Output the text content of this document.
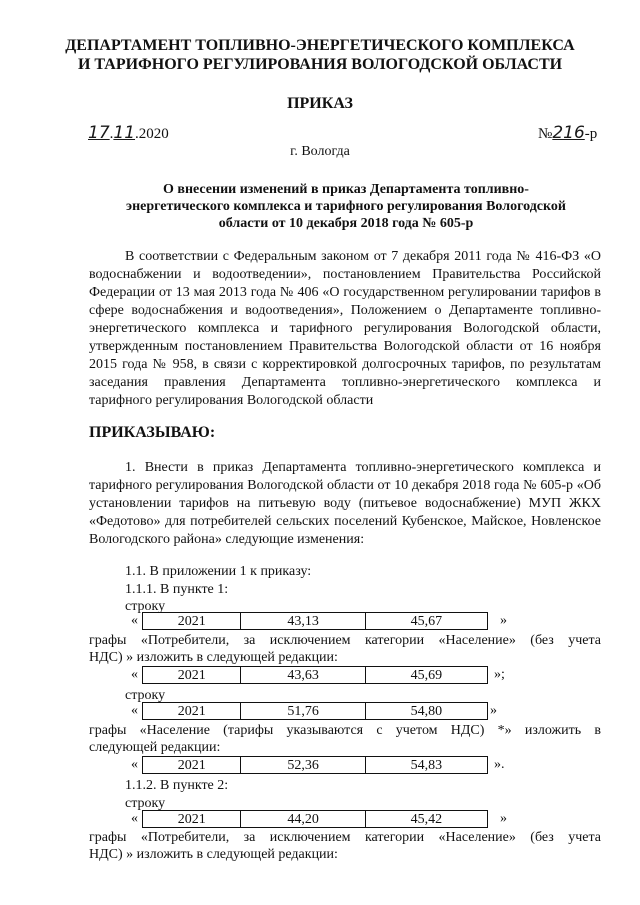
ДЕПАРТАМЕНТ ТОПЛИВНО-ЭНЕРГЕТИЧЕСКОГО КОМПЛЕКСА
И ТАРИФНОГО РЕГУЛИРОВАНИЯ ВОЛОГОДСКОЙ ОБЛАСТИ
ПРИКАЗ
17.11.2020	№216-р
г. Вологда
О внесении изменений в приказ Департамента топливно-
энергетического комплекса и тарифного регулирования Вологодской
области от 10 декабря 2018 года № 605-р
В соответствии с Федеральным законом от 7 декабря 2011 года № 416-ФЗ «О водоснабжении и водоотведении», постановлением Правительства Российской Федерации от 13 мая 2013 года № 406 «О государственном регулировании тарифов в сфере водоснабжения и водоотведения», Положением о Департаменте топливно-энергетического комплекса и тарифного регулирования Вологодской области, утвержденным постановлением Правительства Вологодской области от 16 ноября 2015 года № 958, в связи с корректировкой долгосрочных тарифов, по результатам заседания правления Департамента топливно-энергетического комплекса и тарифного регулирования Вологодской области
ПРИКАЗЫВАЮ:
1. Внести в приказ Департамента топливно-энергетического комплекса и тарифного регулирования Вологодской области от 10 декабря 2018 года № 605-р «Об установлении тарифов на питьевую воду (питьевое водоснабжение) МУП ЖКХ «Федотово» для потребителей сельских поселений Кубенское, Майское, Новленское Вологодского района» следующие изменения:
1.1. В приложении 1 к приказу:
1.1.1. В пункте 1:
строку
«	2021	43,13	45,67	»
графы «Потребители, за исключением категории «Население» (без учета
НДС) » изложить в следующей редакции:
«	2021	43,63	45,69	»;
строку
«	2021	51,76	54,80	»
графы «Население (тарифы указываются с учетом НДС) *» изложить в
следующей редакции:
«	2021	52,36	54,83	».
1.1.2. В пункте 2:
строку
«	2021	44,20	45,42	»
графы «Потребители, за исключением категории «Население» (без учета
НДС) » изложить в следующей редакции:
